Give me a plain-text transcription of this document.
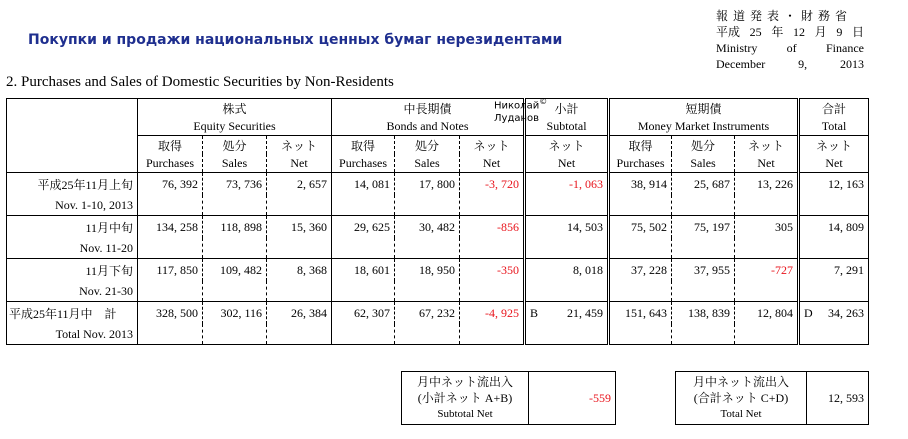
Покупки и продажи национальных ценных бумаг нерезидентами
報道発表・財務省
平成 25 年 12 月 9 日
Ministry of Finance
December	9,	2013
2. Purchases and Sales of Domestic Securities by Non-Residents
Николай©
Луданов
	株式			中長期債			小計	短期債			合計
	Equity Securities			Bonds and Notes			Subtotal	Money Market Instruments			Total
	取得	処分	ネット	取得	処分	ネット	ネット	取得	処分	ネット	ネット
	Purchases	Sales	Net	Purchases	Sales	Net	Net	Purchases	Sales	Net	Net
平成25年11月上旬	76, 392	73, 736	2, 657	14, 081	17, 800	-3, 720	-1, 063	38, 914	25, 687	13, 226	12, 163
Nov. 1-10, 2013											
11月中旬	134, 258	118, 898	15, 360	29, 625	30, 482	-856	14, 503	75, 502	75, 197	305	14, 809
Nov. 11-20											
11月下旬	117, 850	109, 482	8, 368	18, 601	18, 950	-350	8, 018	37, 228	37, 955	-727	7, 291
Nov. 21-30											
平成25年11月中　計	328, 500	302, 116	26, 384	62, 307	67, 232	-4, 925	B 21, 459	151, 643	138, 839	12, 804	D 34, 263
Total Nov. 2013											
月中ネット流出入
(小計ネット A+B)
Subtotal Net
	-559
月中ネット流出入
(合計ネット C+D)
Total Net
	12, 593
